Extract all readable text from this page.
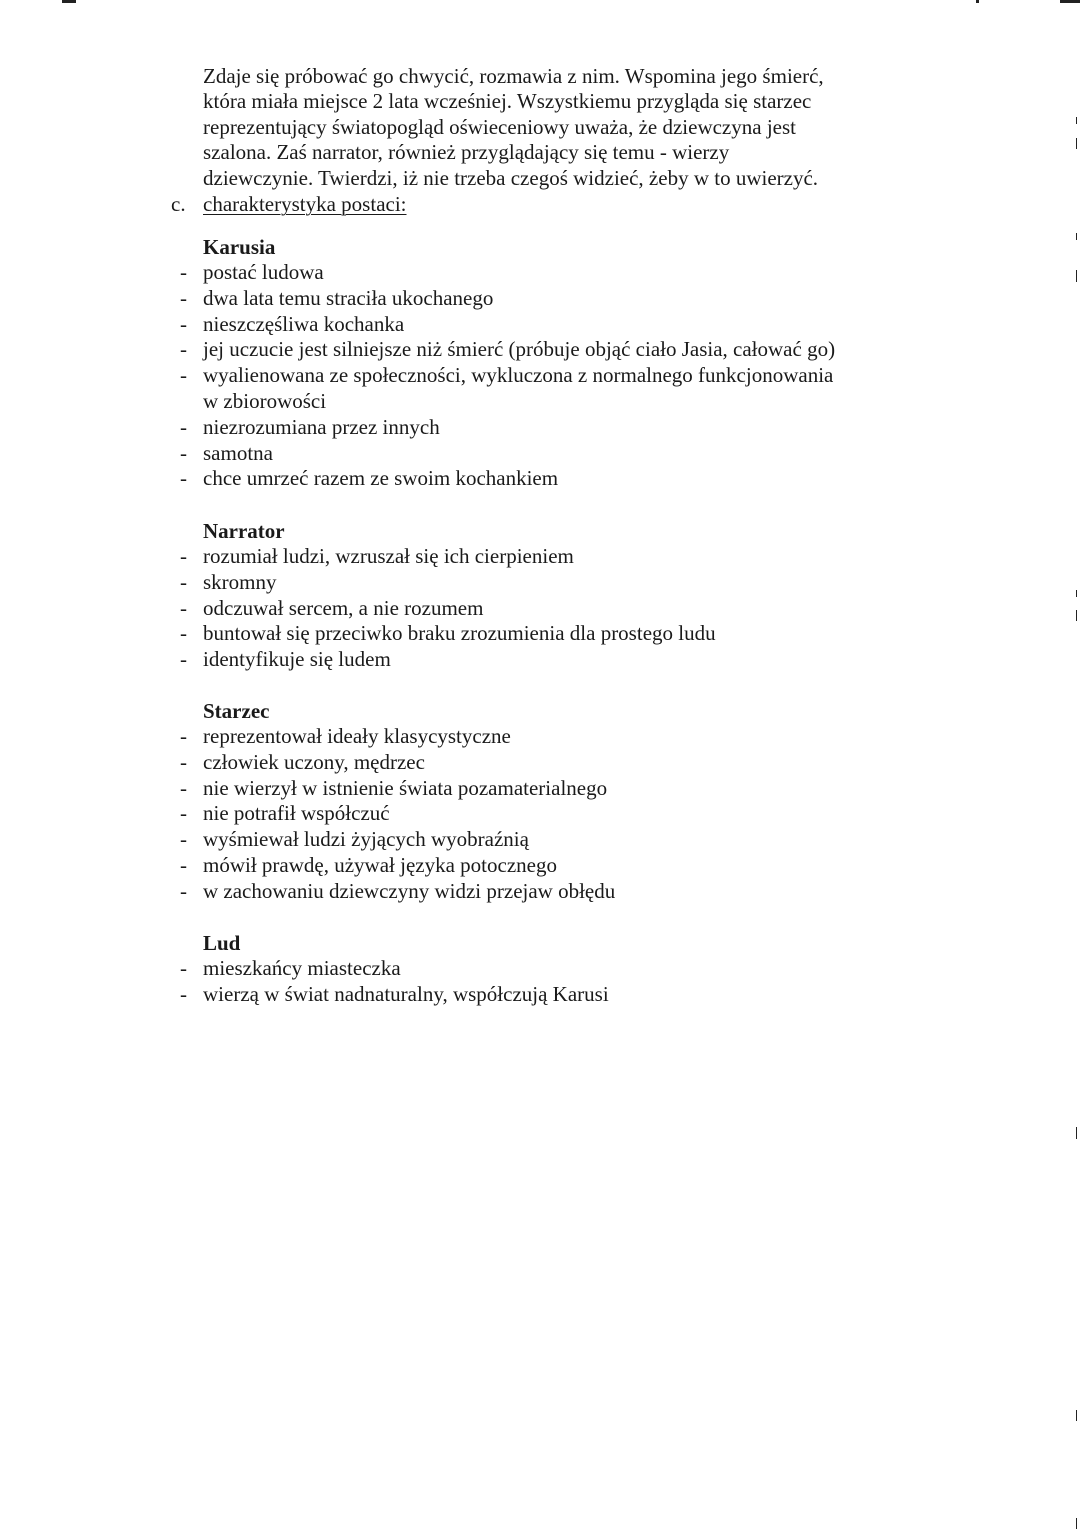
Zdaje się próbować go chwycić, rozmawia z nim. Wspomina jego śmierć,

która miała miejsce 2 lata wcześniej. Wszystkiemu przygląda się starzec

reprezentujący światopogląd oświeceniowy uważa, że dziewczyna jest

szalona. Zaś narrator, również przyglądający się temu - wierzy

dziewczynie. Twierdzi, iż nie trzeba czegoś widzieć, żeby w to uwierzyć.

c. charakterystyka postaci:

Karusia

- postać ludowa
- dwa lata temu straciła ukochanego
- nieszczęśliwa kochanka
- jej uczucie jest silniejsze niż śmierć (próbuje objąć ciało Jasia, całować go)
- wyalienowana ze społeczności, wykluczona z normalnego funkcjonowania
w zbiorowości
- niezrozumiana przez innych
- samotna
- chce umrzeć razem ze swoim kochankiem

Narrator

- rozumiał ludzi, wzruszał się ich cierpieniem
- skromny
- odczuwał sercem, a nie rozumem
- buntował się przeciwko braku zrozumienia dla prostego ludu
- identyfikuje się ludem

Starzec

- reprezentował ideały klasycystyczne
- człowiek uczony, mędrzec
- nie wierzył w istnienie świata pozamaterialnego
- nie potrafił współczuć
- wyśmiewał ludzi żyjących wyobraźnią
- mówił prawdę, używał języka potocznego
- w zachowaniu dziewczyny widzi przejaw obłędu

Lud

- mieszkańcy miasteczka
- wierzą w świat nadnaturalny, współczują Karusi
